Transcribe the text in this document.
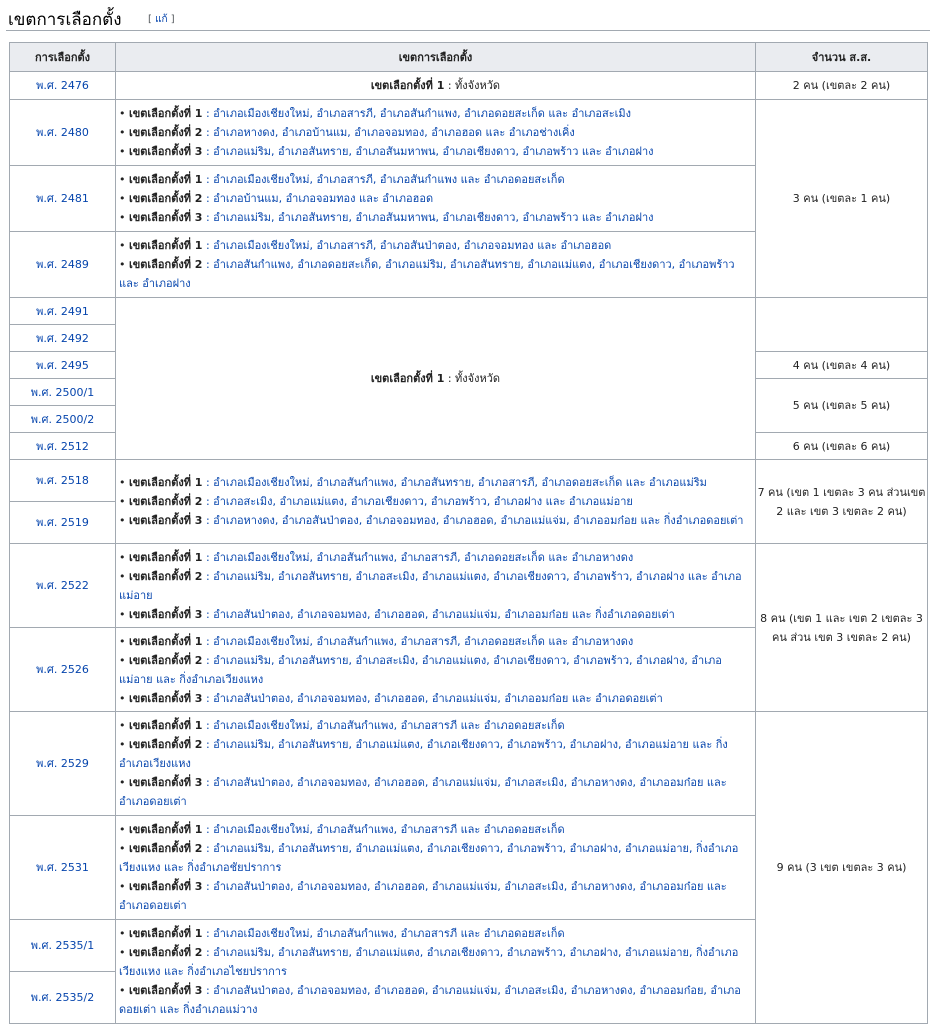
เขตการเลือกตั้ง	[ แก้ ]
การเลือกตั้ง	เขตการเลือกตั้ง	จำนวน ส.ส.
พ.ศ. 2476	เขตเลือกตั้งที่ 1 : ทั้งจังหวัด	2 คน (เขตละ 2 คน)
พ.ศ. 2480	• เขตเลือกตั้งที่ 1 : อำเภอเมืองเชียงใหม่, อำเภอสารภี, อำเภอสันกำแพง, อำเภอดอยสะเก็ด และ อำเภอสะเมิง
• เขตเลือกตั้งที่ 2 : อำเภอหางดง, อำเภอบ้านแม, อำเภอจอมทอง, อำเภอฮอด และ อำเภอช่างเคิ่ง
• เขตเลือกตั้งที่ 3 : อำเภอแม่ริม, อำเภอสันทราย, อำเภอสันมหาพน, อำเภอเชียงดาว, อำเภอพร้าว และ อำเภอฝาง	3 คน (เขตละ 1 คน)
พ.ศ. 2481	• เขตเลือกตั้งที่ 1 : อำเภอเมืองเชียงใหม่, อำเภอสารภี, อำเภอสันกำแพง และ อำเภอดอยสะเก็ด
• เขตเลือกตั้งที่ 2 : อำเภอบ้านแม, อำเภอจอมทอง และ อำเภอฮอด
• เขตเลือกตั้งที่ 3 : อำเภอแม่ริม, อำเภอสันทราย, อำเภอสันมหาพน, อำเภอเชียงดาว, อำเภอพร้าว และ อำเภอฝาง	

พ.ศ. 2489	• เขตเลือกตั้งที่ 1 : อำเภอเมืองเชียงใหม่, อำเภอสารภี, อำเภอสันป่าตอง, อำเภอจอมทอง และ อำเภอฮอด
• เขตเลือกตั้งที่ 2 : อำเภอสันกำแพง, อำเภอดอยสะเก็ด, อำเภอแม่ริม, อำเภอสันทราย, อำเภอแม่แตง, อำเภอเชียงดาว, อำเภอพร้าว และ อำเภอฝาง	

พ.ศ. 2491	เขตเลือกตั้งที่ 1 : ทั้งจังหวัด	
พ.ศ. 2492		
พ.ศ. 2495		4 คน (เขตละ 4 คน)
พ.ศ. 2500/1		5 คน (เขตละ 5 คน)
พ.ศ. 2500/2		
พ.ศ. 2512		6 คน (เขตละ 6 คน)
พ.ศ. 2518	• เขตเลือกตั้งที่ 1 : อำเภอเมืองเชียงใหม่, อำเภอสันกำแพง, อำเภอสันทราย, อำเภอสารภี, อำเภอดอยสะเก็ด และ อำเภอแม่ริม
• เขตเลือกตั้งที่ 2 : อำเภอสะเมิง, อำเภอแม่แตง, อำเภอเชียงดาว, อำเภอพร้าว, อำเภอฝาง และ อำเภอแม่อาย
• เขตเลือกตั้งที่ 3 : อำเภอหางดง, อำเภอสันป่าตอง, อำเภอจอมทอง, อำเภอฮอด, อำเภอแม่แจ่ม, อำเภออมก๋อย และ กิ่งอำเภอดอยเต่า	7 คน (เขต 1 เขตละ 3 คน ส่วนเขต 2 และ เขต 3 เขตละ 2 คน)
พ.ศ. 2519		
พ.ศ. 2522	• เขตเลือกตั้งที่ 1 : อำเภอเมืองเชียงใหม่, อำเภอสันกำแพง, อำเภอสารภี, อำเภอดอยสะเก็ด และ อำเภอหางดง
• เขตเลือกตั้งที่ 2 : อำเภอแม่ริม, อำเภอสันทราย, อำเภอสะเมิง, อำเภอแม่แตง, อำเภอเชียงดาว, อำเภอพร้าว, อำเภอฝาง และ อำเภอแม่อาย
• เขตเลือกตั้งที่ 3 : อำเภอสันป่าตอง, อำเภอจอมทอง, อำเภอฮอด, อำเภอแม่แจ่ม, อำเภออมก๋อย และ กิ่งอำเภอดอยเต่า	8 คน (เขต 1 และ เขต 2 เขตละ 3 คน ส่วน เขต 3 เขตละ 2 คน)
พ.ศ. 2526	• เขตเลือกตั้งที่ 1 : อำเภอเมืองเชียงใหม่, อำเภอสันกำแพง, อำเภอสารภี, อำเภอดอยสะเก็ด และ อำเภอหางดง
• เขตเลือกตั้งที่ 2 : อำเภอแม่ริม, อำเภอสันทราย, อำเภอสะเมิง, อำเภอแม่แตง, อำเภอเชียงดาว, อำเภอพร้าว, อำเภอฝาง, อำเภอแม่อาย และ กิ่งอำเภอเวียงแหง
• เขตเลือกตั้งที่ 3 : อำเภอสันป่าตอง, อำเภอจอมทอง, อำเภอฮอด, อำเภอแม่แจ่ม, อำเภออมก๋อย และ อำเภอดอยเต่า	

พ.ศ. 2529	• เขตเลือกตั้งที่ 1 : อำเภอเมืองเชียงใหม่, อำเภอสันกำแพง, อำเภอสารภี และ อำเภอดอยสะเก็ด
• เขตเลือกตั้งที่ 2 : อำเภอแม่ริม, อำเภอสันทราย, อำเภอแม่แตง, อำเภอเชียงดาว, อำเภอพร้าว, อำเภอฝาง, อำเภอแม่อาย และ กิ่งอำเภอเวียงแหง
• เขตเลือกตั้งที่ 3 : อำเภอสันป่าตอง, อำเภอจอมทอง, อำเภอฮอด, อำเภอแม่แจ่ม, อำเภอสะเมิง, อำเภอหางดง, อำเภออมก๋อย และ อำเภอดอยเต่า	9 คน (3 เขต เขตละ 3 คน)
พ.ศ. 2531	• เขตเลือกตั้งที่ 1 : อำเภอเมืองเชียงใหม่, อำเภอสันกำแพง, อำเภอสารภี และ อำเภอดอยสะเก็ด
• เขตเลือกตั้งที่ 2 : อำเภอแม่ริม, อำเภอสันทราย, อำเภอแม่แตง, อำเภอเชียงดาว, อำเภอพร้าว, อำเภอฝาง, อำเภอแม่อาย, กิ่งอำเภอเวียงแหง และ กิ่งอำเภอชัยปราการ
• เขตเลือกตั้งที่ 3 : อำเภอสันป่าตอง, อำเภอจอมทอง, อำเภอฮอด, อำเภอแม่แจ่ม, อำเภอสะเมิง, อำเภอหางดง, อำเภออมก๋อย และ อำเภอดอยเต่า	

พ.ศ. 2535/1	• เขตเลือกตั้งที่ 1 : อำเภอเมืองเชียงใหม่, อำเภอสันกำแพง, อำเภอสารภี และ อำเภอดอยสะเก็ด
• เขตเลือกตั้งที่ 2 : อำเภอแม่ริม, อำเภอสันทราย, อำเภอแม่แตง, อำเภอเชียงดาว, อำเภอพร้าว, อำเภอฝาง, อำเภอแม่อาย, กิ่งอำเภอเวียงแหง และ กิ่งอำเภอไชยปราการ
• เขตเลือกตั้งที่ 3 : อำเภอสันป่าตอง, อำเภอจอมทอง, อำเภอฮอด, อำเภอแม่แจ่ม, อำเภอสะเมิง, อำเภอหางดง, อำเภออมก๋อย, อำเภอดอยเต่า และ กิ่งอำเภอแม่วาง	

พ.ศ. 2535/2		
